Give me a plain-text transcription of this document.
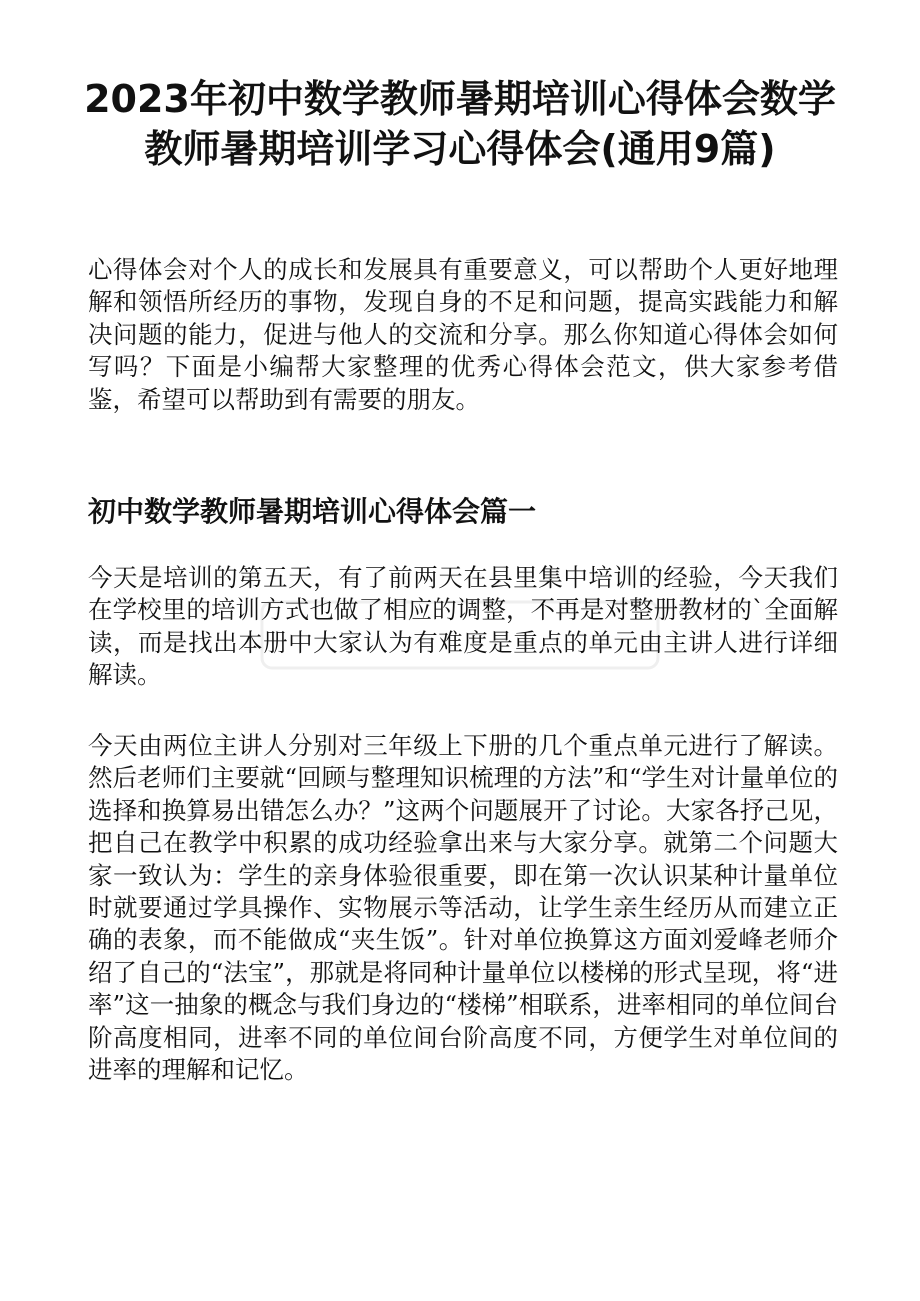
2023年初中数学教师暑期培训心得体会数学教师暑期培训学习心得体会(通用9篇)

心得体会对个人的成长和发展具有重要意义，可以帮助个人更好地理解和领悟所经历的事物，发现自身的不足和问题，提高实践能力和解决问题的能力，促进与他人的交流和分享。那么你知道心得体会如何写吗？下面是小编帮大家整理的优秀心得体会范文，供大家参考借鉴，希望可以帮助到有需要的朋友。

初中数学教师暑期培训心得体会篇一

今天是培训的第五天，有了前两天在县里集中培训的经验，今天我们在学校里的培训方式也做了相应的调整，不再是对整册教材的`全面解读，而是找出本册中大家认为有难度是重点的单元由主讲人进行详细解读。

今天由两位主讲人分别对三年级上下册的几个重点单元进行了解读。然后老师们主要就“回顾与整理知识梳理的方法”和“学生对计量单位的选择和换算易出错怎么办？”这两个问题展开了讨论。大家各抒己见，把自己在教学中积累的成功经验拿出来与大家分享。就第二个问题大家一致认为：学生的亲身体验很重要，即在第一次认识某种计量单位时就要通过学具操作、实物展示等活动，让学生亲生经历从而建立正确的表象，而不能做成“夹生饭”。针对单位换算这方面刘爱峰老师介绍了自己的“法宝”，那就是将同种计量单位以楼梯的形式呈现，将“进率”这一抽象的概念与我们身边的“楼梯”相联系，进率相同的单位间台阶高度相同，进率不同的单位间台阶高度不同，方便学生对单位间的进率的理解和记忆。
